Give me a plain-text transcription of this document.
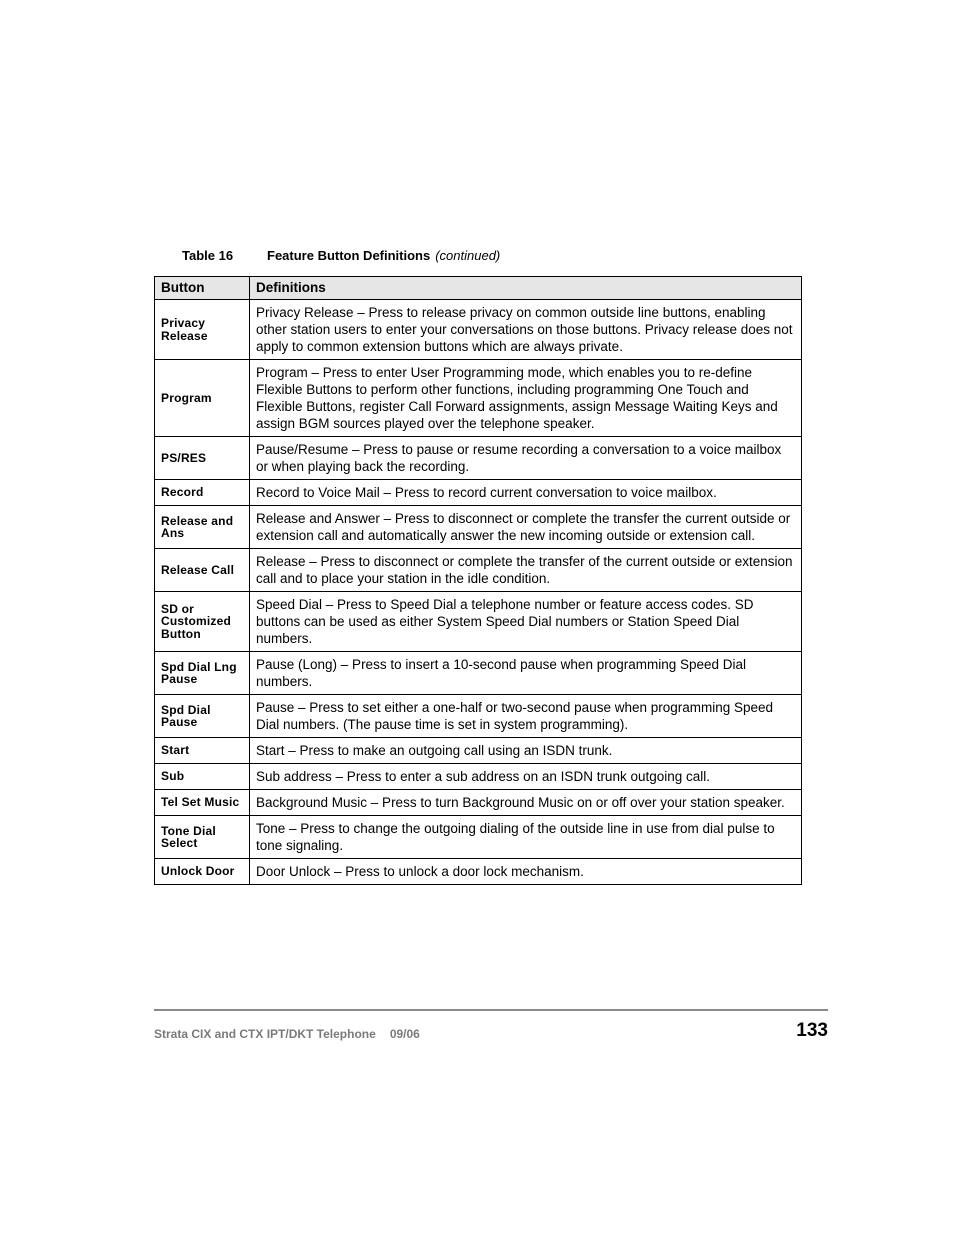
Table 16	Feature Button Definitions (continued)
Button	Definitions
Privacy Release	Privacy Release – Press to release privacy on common outside line buttons, enabling other station users to enter your conversations on those buttons. Privacy release does not apply to common extension buttons which are always private.
Program	Program – Press to enter User Programming mode, which enables you to re-define Flexible Buttons to perform other functions, including programming One Touch and Flexible Buttons, register Call Forward assignments, assign Message Waiting Keys and assign BGM sources played over the telephone speaker.
PS/RES	Pause/Resume – Press to pause or resume recording a conversation to a voice mailbox or when playing back the recording.
Record	Record to Voice Mail – Press to record current conversation to voice mailbox.
Release and Ans	Release and Answer – Press to disconnect or complete the transfer the current outside or extension call and automatically answer the new incoming outside or extension call.
Release Call	Release – Press to disconnect or complete the transfer of the current outside or extension call and to place your station in the idle condition.
SD or Customized Button	Speed Dial – Press to Speed Dial a telephone number or feature access codes. SD buttons can be used as either System Speed Dial numbers or Station Speed Dial numbers.
Spd Dial Lng Pause	Pause (Long) – Press to insert a 10-second pause when programming Speed Dial numbers.
Spd Dial Pause	Pause – Press to set either a one-half or two-second pause when programming Speed Dial numbers. (The pause time is set in system programming).
Start	Start – Press to make an outgoing call using an ISDN trunk.
Sub	Sub address – Press to enter a sub address on an ISDN trunk outgoing call.
Tel Set Music	Background Music – Press to turn Background Music on or off over your station speaker.
Tone Dial Select	Tone – Press to change the outgoing dialing of the outside line in use from dial pulse to tone signaling.
Unlock Door	Door Unlock – Press to unlock a door lock mechanism.
Strata CIX and CTX IPT/DKT Telephone 09/06	133
